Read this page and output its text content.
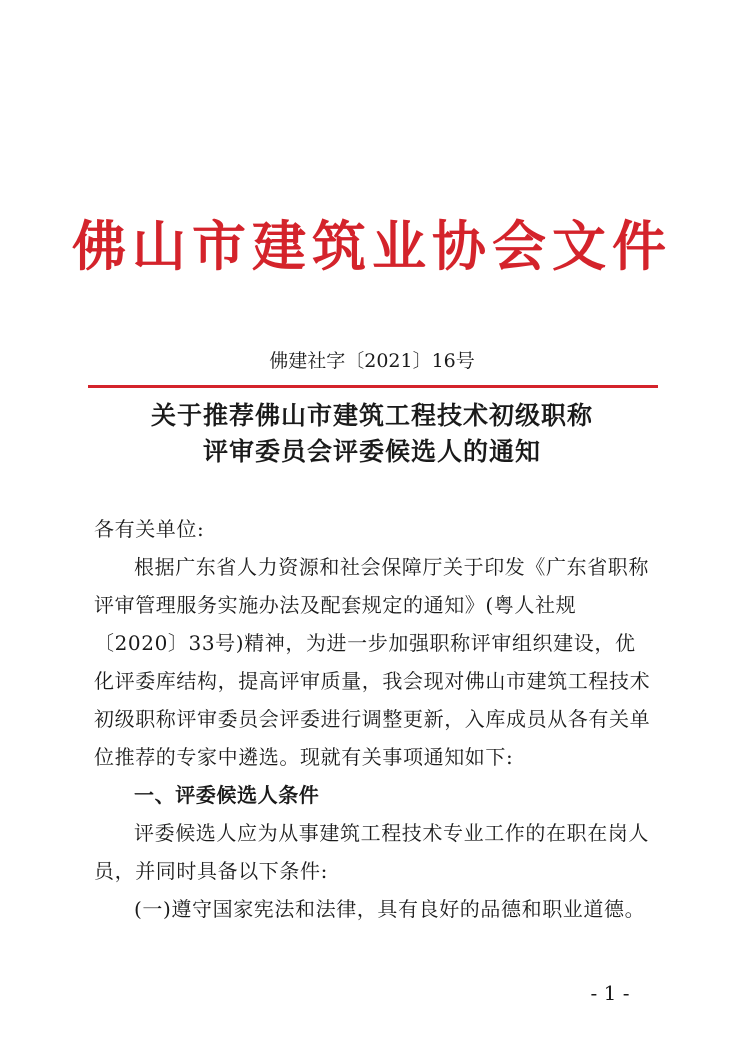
佛山市建筑业协会文件
佛建社字〔2021〕16号
关于推荐佛山市建筑工程技术初级职称
评审委员会评委候选人的通知

各有关单位:

根据广东省人力资源和社会保障厅关于印发《广东省职称评审管理服务实施办法及配套规定的通知》(粤人社规〔2020〕33号)精神，为进一步加强职称评审组织建设，优化评委库结构，提高评审质量，我会现对佛山市建筑工程技术初级职称评审委员会评委进行调整更新，入库成员从各有关单位推荐的专家中遴选。现就有关事项通知如下:

一、评委候选人条件

评委候选人应为从事建筑工程技术专业工作的在职在岗人员，并同时具备以下条件:

(一)遵守国家宪法和法律，具有良好的品德和职业道德。

- 1 -
